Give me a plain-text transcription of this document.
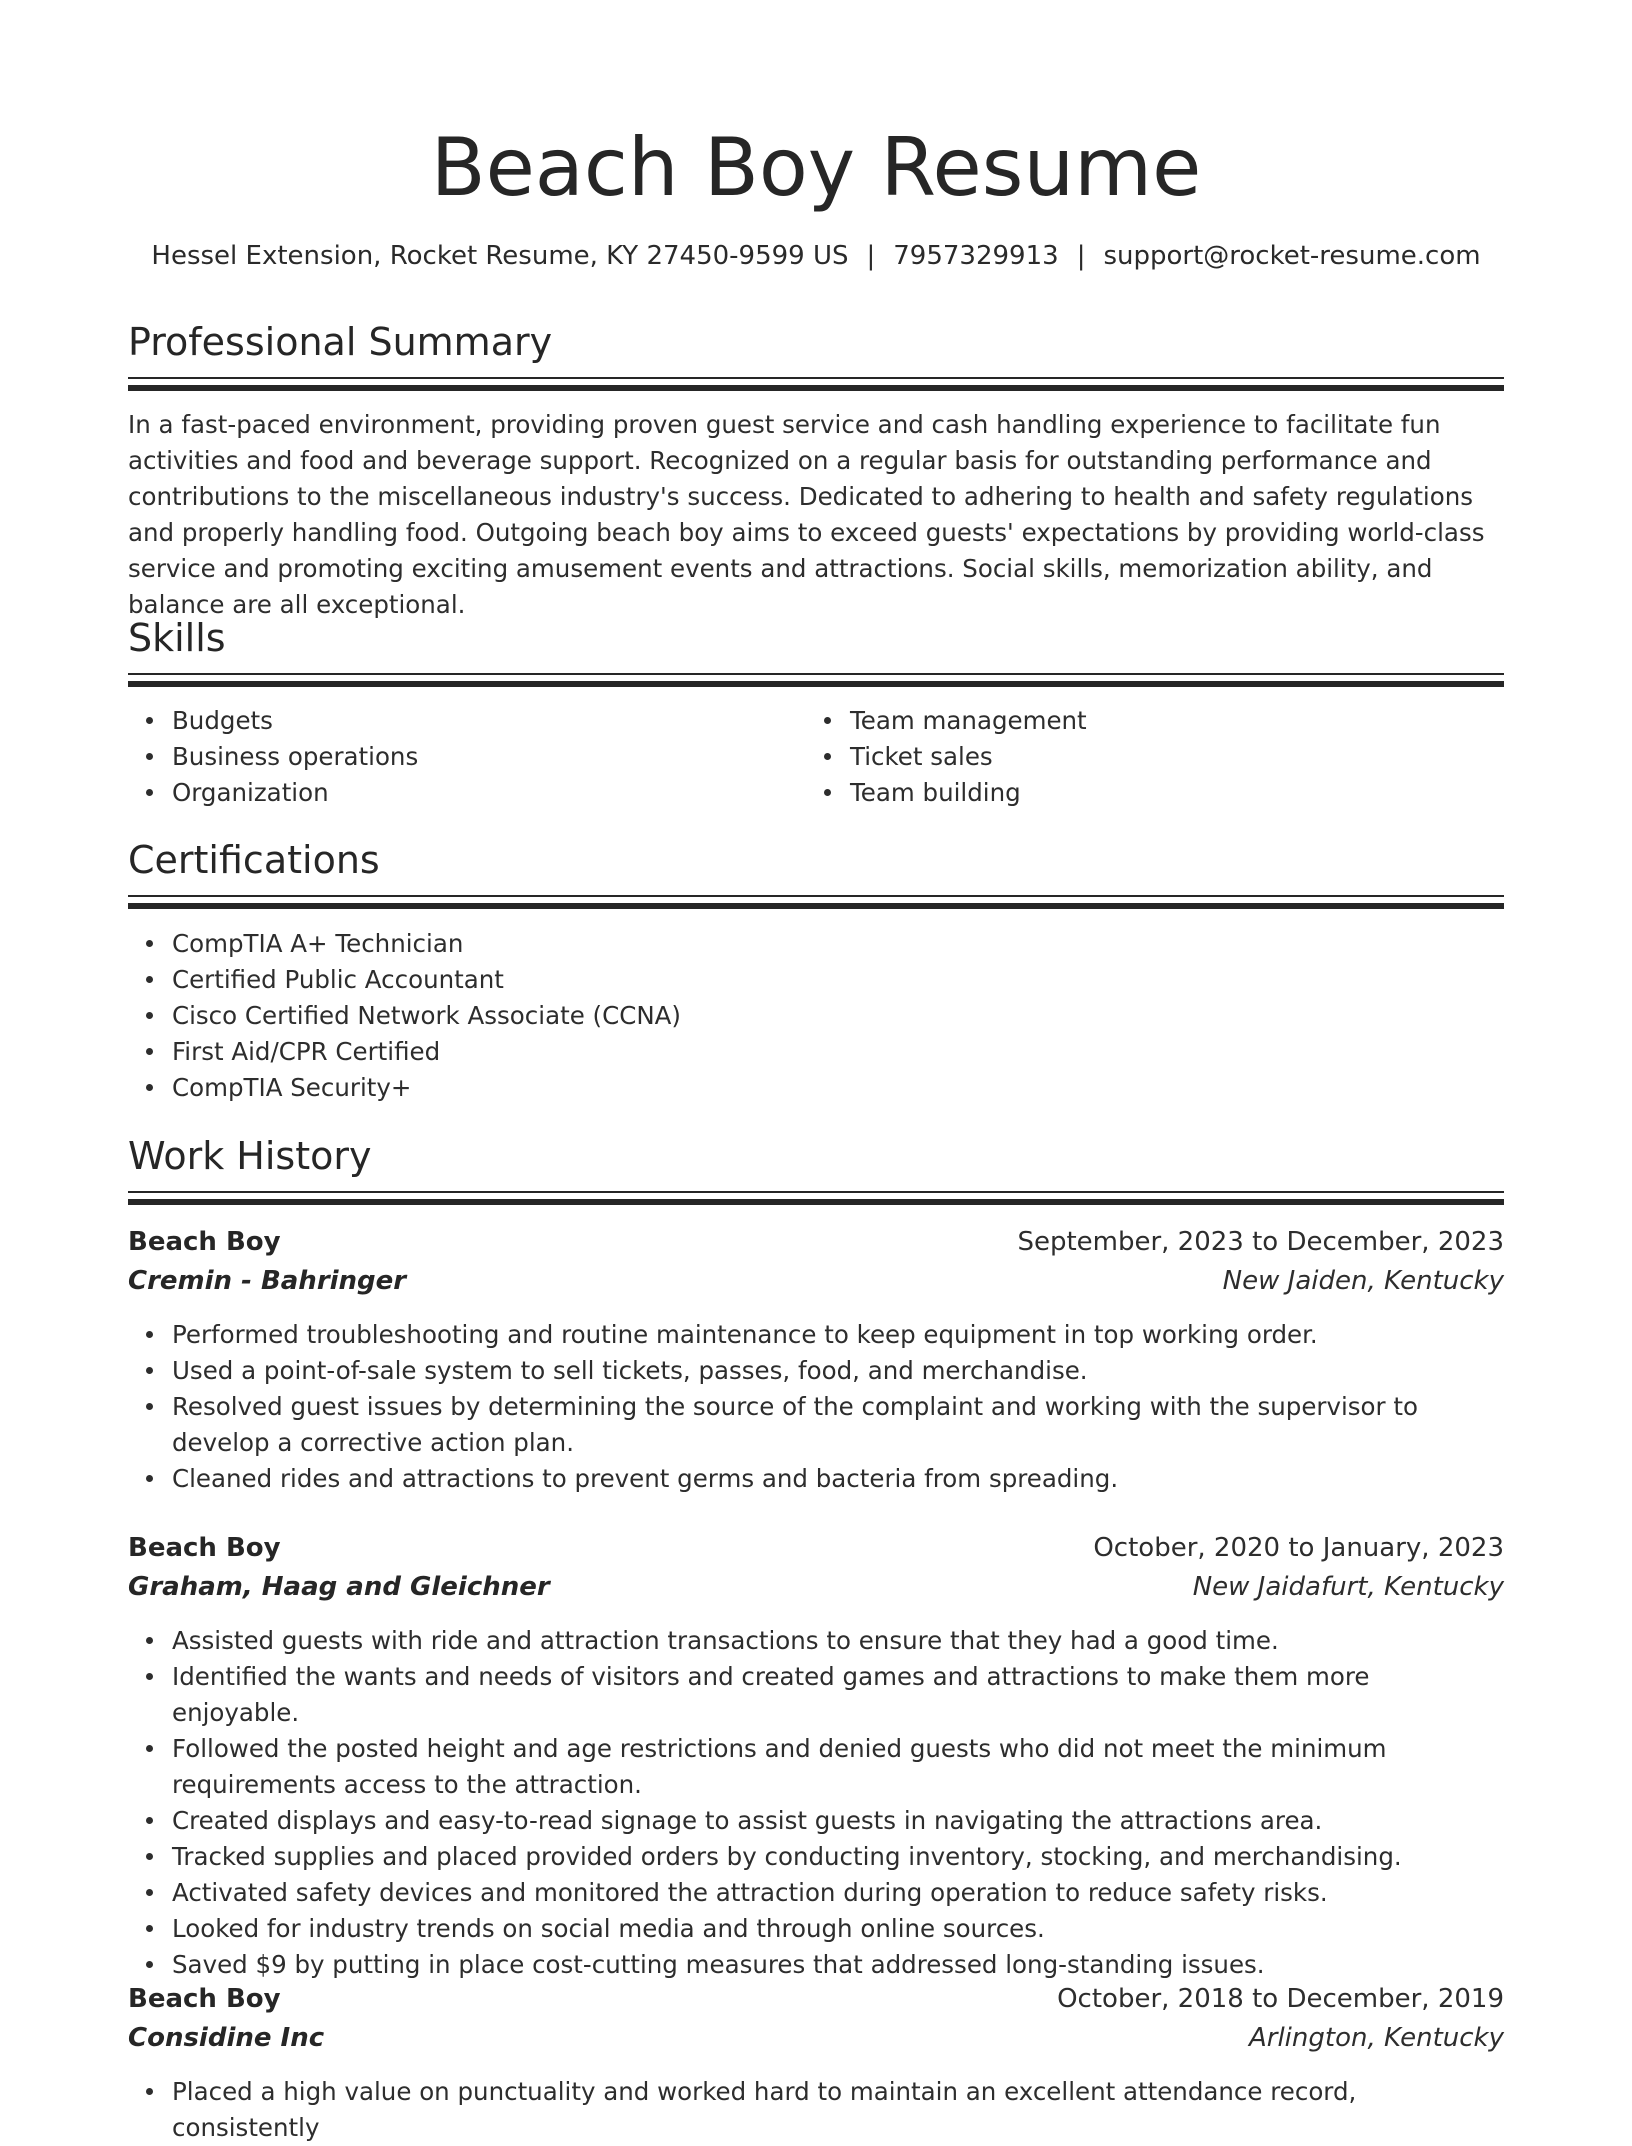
Beach Boy Resume
Hessel Extension, Rocket Resume, KY 27450-9599 US | 7957329913 | support@rocket-resume.com
Professional Summary

In a fast-paced environment, providing proven guest service and cash handling experience to facilitate fun activities and food and beverage support. Recognized on a regular basis for outstanding performance and contributions to the miscellaneous industry's success. Dedicated to adhering to health and safety regulations and properly handling food. Outgoing beach boy aims to exceed guests' expectations by providing world-class service and promoting exciting amusement events and attractions. Social skills, memorization ability, and balance are all exceptional.

Skills
Budgets
Business operations
Organization
Team management
Ticket sales
Team building
Certifications
CompTIA A+ Technician
Certified Public Accountant
Cisco Certified Network Associate (CCNA)
First Aid/CPR Certified
CompTIA Security+
Work History
Beach Boy	September, 2023 to December, 2023
Cremin - Bahringer	New Jaiden, Kentucky
Performed troubleshooting and routine maintenance to keep equipment in top working order.
Used a point-of-sale system to sell tickets, passes, food, and merchandise.
Resolved guest issues by determining the source of the complaint and working with the supervisor to develop a corrective action plan.
Cleaned rides and attractions to prevent germs and bacteria from spreading.
Beach Boy	October, 2020 to January, 2023
Graham, Haag and Gleichner	New Jaidafurt, Kentucky
Assisted guests with ride and attraction transactions to ensure that they had a good time.
Identified the wants and needs of visitors and created games and attractions to make them more enjoyable.
Followed the posted height and age restrictions and denied guests who did not meet the minimum requirements access to the attraction.
Created displays and easy-to-read signage to assist guests in navigating the attractions area.
Tracked supplies and placed provided orders by conducting inventory, stocking, and merchandising.
Activated safety devices and monitored the attraction during operation to reduce safety risks.
Looked for industry trends on social media and through online sources.
Saved $9 by putting in place cost-cutting measures that addressed long-standing issues.
Beach Boy	October, 2018 to December, 2019
Considine Inc	Arlington, Kentucky
Placed a high value on punctuality and worked hard to maintain an excellent attendance record, consistently
